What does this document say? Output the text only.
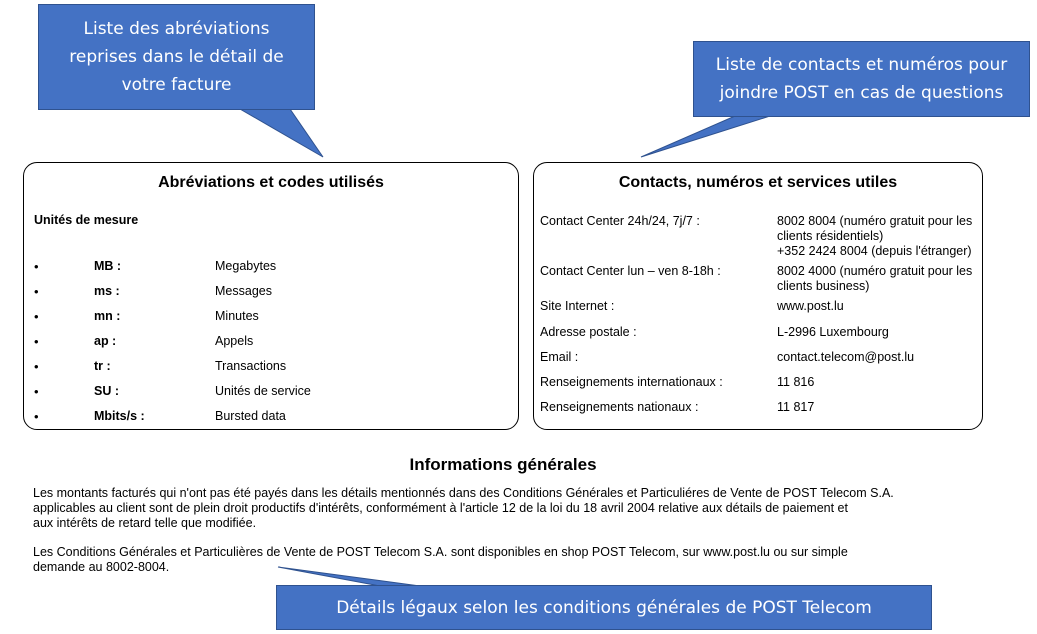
Liste des abréviations reprises dans le détail de votre facture
Liste de contacts et numéros pour joindre POST en cas de questions
Abréviations et codes utilisés
Unités de mesure
•	MB :	Megabytes
•	ms :	Messages
•	mn :	Minutes
•	ap :	Appels
•	tr :	Transactions
•	SU :	Unités de service
•	Mbits/s :	Bursted data
Contacts, numéros et services utiles
Contact Center 24h/24, 7j/7 :	8002 8004 (numéro gratuit pour les
clients résidentiels)
+352 2424 8004 (depuis l'étranger)
Contact Center lun – ven 8-18h :	8002 4000 (numéro gratuit pour les
clients business)
Site Internet :	www.post.lu
Adresse postale :	L-2996 Luxembourg
Email :	contact.telecom@post.lu
Renseignements internationaux :	11 816
Renseignements nationaux :	11 817
Informations générales
Les montants facturés qui n'ont pas été payés dans les détails mentionnés dans des Conditions Générales et Particuliéres de Vente de POST Telecom S.A.
applicables au client sont de plein droit productifs d'intérêts, conformément à l'article 12 de la loi du 18 avril 2004 relative aux détails de paiement et
aux intérêts de retard telle que modifiée.
Les Conditions Générales et Particulières de Vente de POST Telecom S.A. sont disponibles en shop POST Telecom, sur www.post.lu ou sur simple
demande au 8002-8004.
Détails légaux selon les conditions générales de POST Telecom
